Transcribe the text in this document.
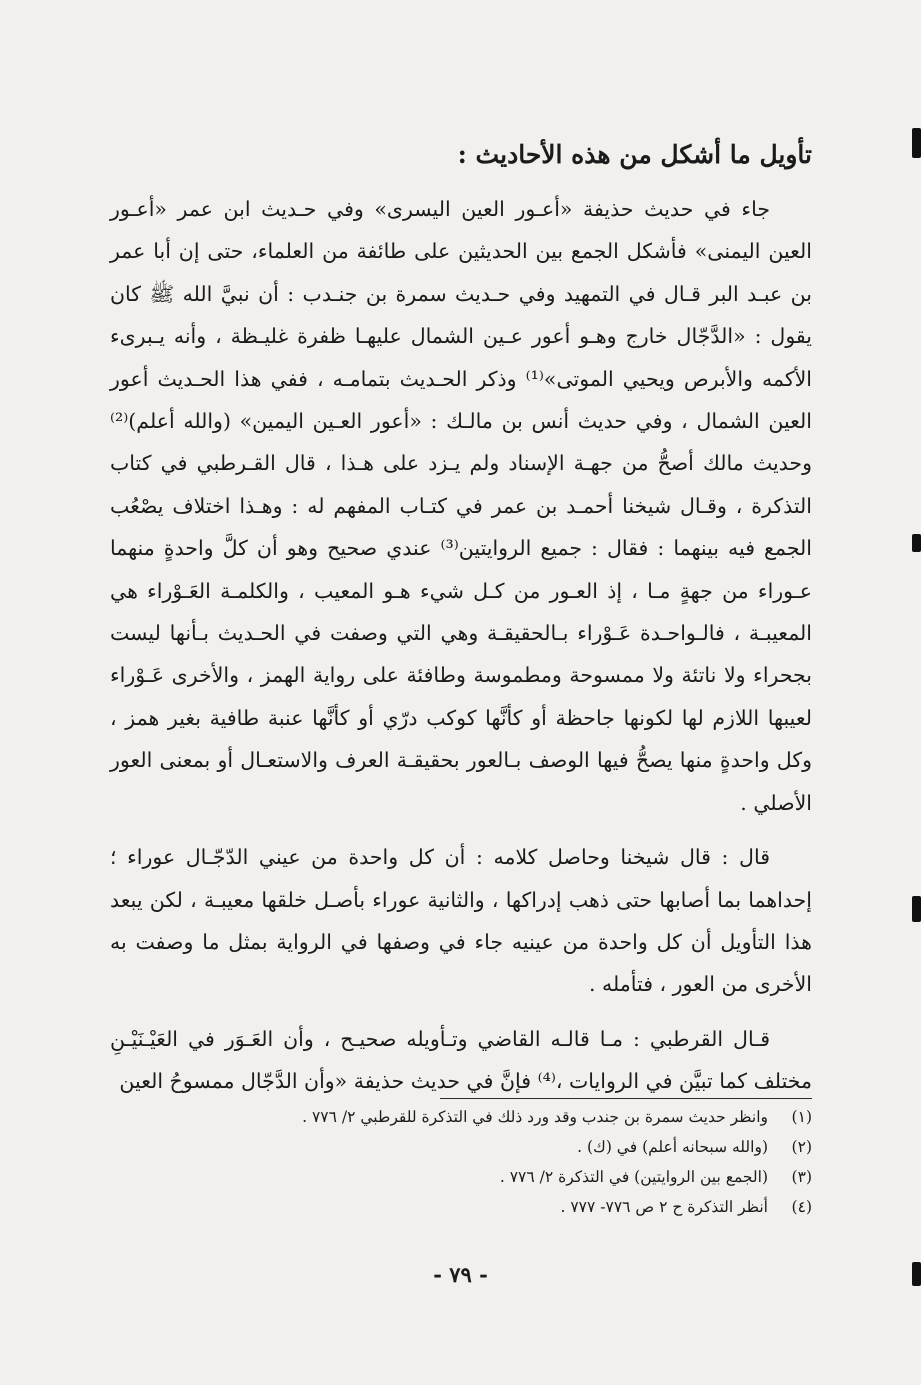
تأويل ما أشكل من هذه الأحاديث :

جاء في حديث حذيفة «أعـور العين اليسرى» وفي حـديث ابن عمر «أعـور العين اليمنى» فأشكل الجمع بين الحديثين على طائفة من العلماء، حتى إن أبا عمر بن عبـد البر قـال في التمهيد وفي حـديث سمرة بن جنـدب : أن نبيَّ الله ﷺ كان يقول : «الدَّجّال خارج وهـو أعور عـين الشمال عليهـا ظفرة غليـظة ، وأنه يـبرىء الأكمه والأبرص ويحيي الموتى»⁽¹⁾ وذكر الحـديث بتمامـه ، ففي هذا الحـديث أعور العين الشمال ، وفي حديث أنس بن مالـك : «أعور العـين اليمين» (والله أعلم)⁽²⁾ وحديث مالك أصحُّ من جهـة الإسناد ولم يـزد على هـذا ، قال القـرطبي في كتاب التذكرة ، وقـال شيخنا أحمـد بن عمر في كتـاب المفهم له : وهـذا اختلاف يصْعُب الجمع فيه بينهما : فقال : جميع الروايتين⁽³⁾ عندي صحيح وهو أن كلَّ واحدةٍ منهما عـوراء من جهةٍ مـا ، إذ العـور من كـل شيء هـو المعيب ، والكلمـة العَـوْراء هي المعيبـة ، فالـواحـدة عَـوْراء بـالحقيقـة وهي التي وصفت في الحـديث بـأنها ليست بجحراء ولا ناتئة ولا ممسوحة ومطموسة وطافئة على رواية الهمز ، والأخرى عَـوْراء لعيبها اللازم لها لكونها جاحظة أو كأنَّها كوكب درّي أو كأنَّها عنبة طافية بغير همز ، وكل واحدةٍ منها يصحُّ فيها الوصف بـالعور بحقيقـة العرف والاستعـال أو بمعنى العور الأصلي .

قال : قال شيخنا وحاصل كلامه : أن كل واحدة من عيني الدّجّـال عوراء ؛ إحداهما بما أصابها حتى ذهب إدراكها ، والثانية عوراء بأصـل خلقها معيبـة ، لكن يبعد هذا التأويل أن كل واحدة من عينيه جاء في وصفها في الرواية بمثل ما وصفت به الأخرى من العور ، فتأمله .

قـال القرطبي : مـا قالـه القاضي وتـأويله صحيـح ، وأن العَـوَر في العَيْـنَيْـنِ مختلف كما تبيَّن في الروايات ،⁽⁴⁾ فإنَّ في حديث حذيفة «وأن الدَّجّال ممسوحُ العين

(١)وانظر حديث سمرة بن جندب وقد ورد ذلك في التذكرة للقرطبي ٢/ ٧٧٦ .
(٢)(والله سبحانه أعلم) في (ك) .
(٣)(الجمع بين الروايتين) في التذكرة ٢/ ٧٧٦ .
(٤)أنظر التذكرة ح ٢ ص ٧٧٦- ٧٧٧ .
- ٧٩ -
